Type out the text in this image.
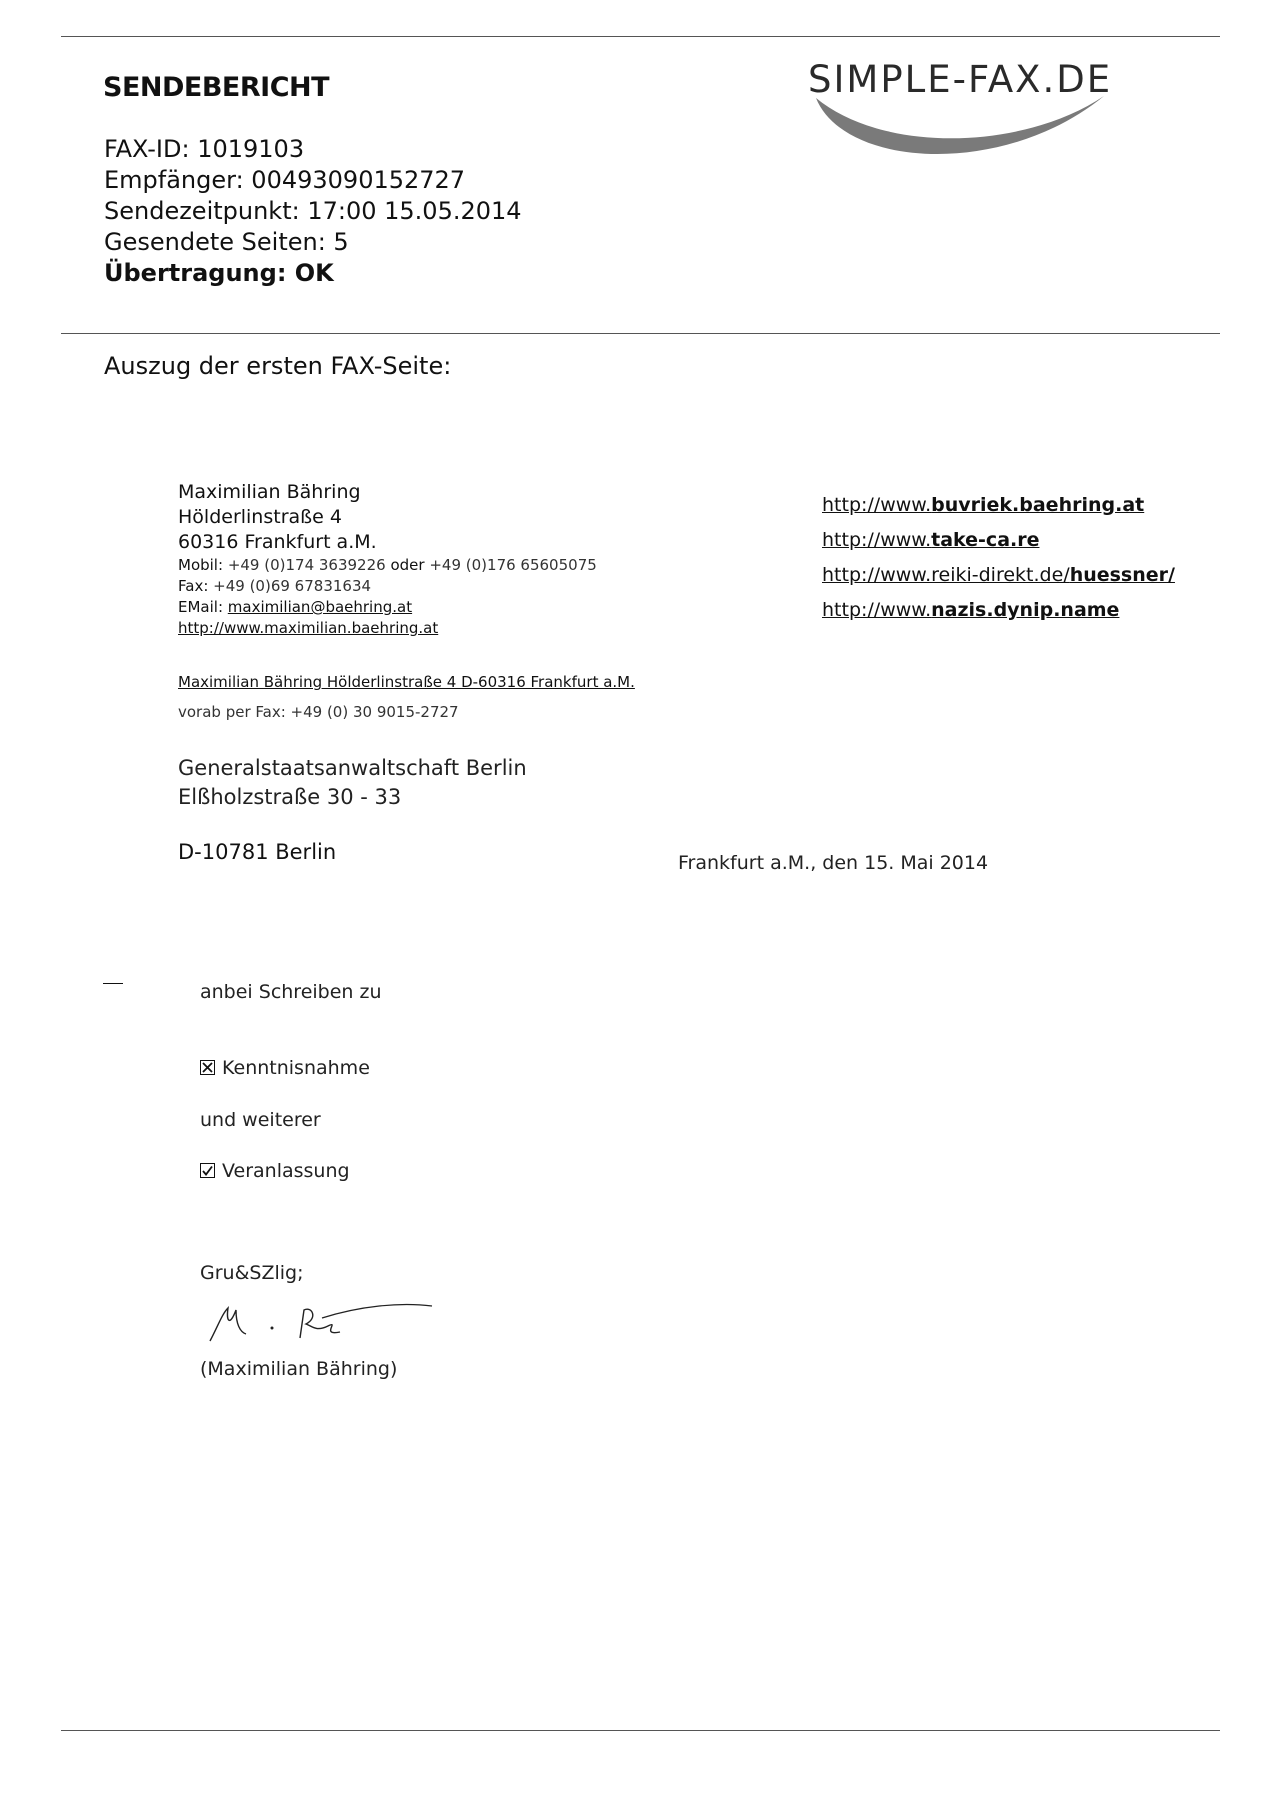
SENDEBERICHT	SIMPLE-FAX.DE
FAX-ID: 1019103
Empfänger: 00493090152727
Sendezeitpunkt: 17:00 15.05.2014
Gesendete Seiten: 5
Übertragung: OK
Auszug der ersten FAX-Seite:
Maximilian Bähring
Hölderlinstraße 4
60316 Frankfurt a.M.
Mobil: +49 (0)174 3639226 oder +49 (0)176 65605075
Fax: +49 (0)69 67831634
EMail: maximilian@baehring.at
http://www.maximilian.baehring.at
http://www.buvriek.baehring.at
http://www.take-ca.re
http://www.reiki-direkt.de/huessner/
http://www.nazis.dynip.name
Maximilian Bähring Hölderlinstraße 4 D-60316 Frankfurt a.M.
vorab per Fax: +49 (0) 30 9015-2727
Generalstaatsanwaltschaft Berlin
Elßholzstraße 30 - 33
D-10781 Berlin	Frankfurt a.M., den 15. Mai 2014
anbei Schreiben zu
Kenntnisnahme
und weiterer
Veranlassung
Gru&SZlig;
(Maximilian Bähring)
